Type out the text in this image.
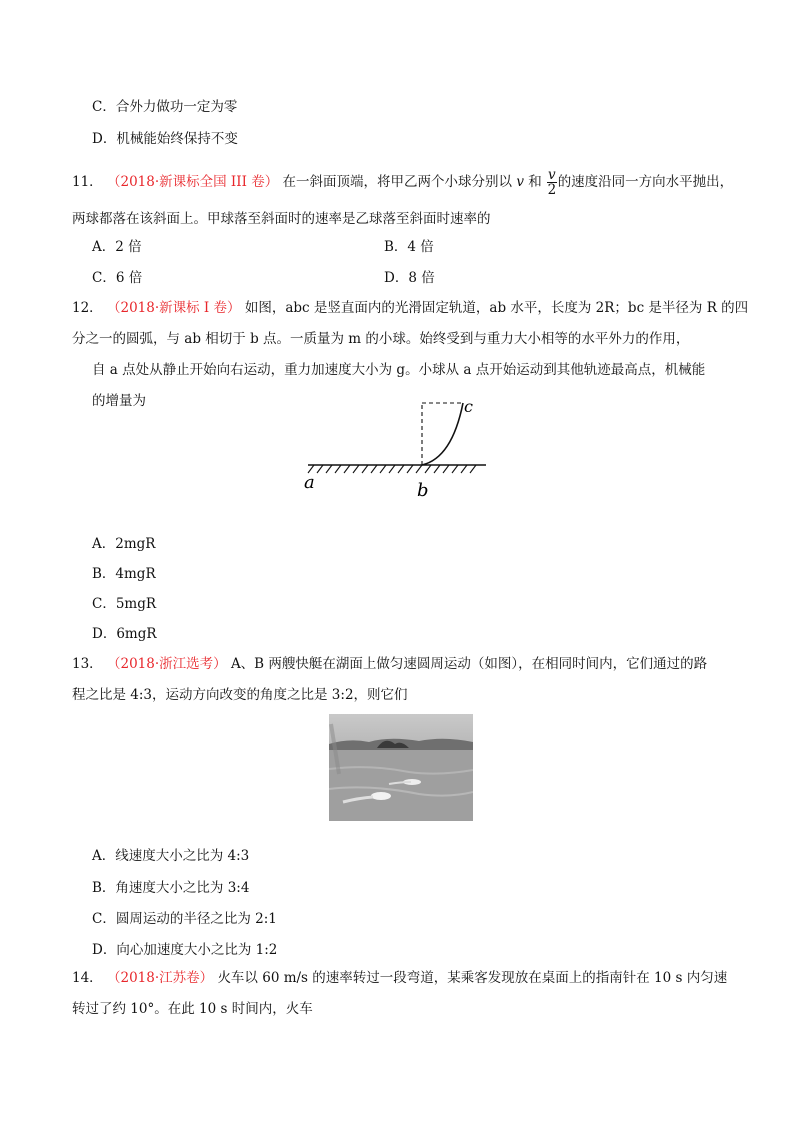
C．合外力做功一定为零
D．机械能始终保持不变
11． （2018·新课标全国 III 卷） 在一斜面顶端，将甲乙两个小球分别以 v 和 $\frac{v}{2}$ 的速度沿同一方向水平抛出，
两球都落在该斜面上。甲球落至斜面时的速率是乙球落至斜面时速率的
A．2 倍	B．4 倍
C．6 倍	D．8 倍
12． （2018·新课标 I 卷） 如图，abc 是竖直面内的光滑固定轨道，ab 水平，长度为 2R；bc 是半径为 R 的四
分之一的圆弧，与 ab 相切于 b 点。一质量为 m 的小球。始终受到与重力大小相等的水平外力的作用，
自 a 点处从静止开始向右运动，重力加速度大小为 g。小球从 a 点开始运动到其他轨迹最高点，机械能
的增量为
a	b
c
A．2mgR
B．4mgR
C．5mgR
D．6mgR
13． （2018·浙江选考） A、B 两艘快艇在湖面上做匀速圆周运动（如图），在相同时间内，它们通过的路
程之比是 4:3，运动方向改变的角度之比是 3:2，则它们
A．线速度大小之比为 4:3
B．角速度大小之比为 3:4
C．圆周运动的半径之比为 2:1
D．向心加速度大小之比为 1:2
14． （2018·江苏卷） 火车以 60 m/s 的速率转过一段弯道，某乘客发现放在桌面上的指南针在 10 s 内匀速
转过了约 10°。在此 10 s 时间内，火车
